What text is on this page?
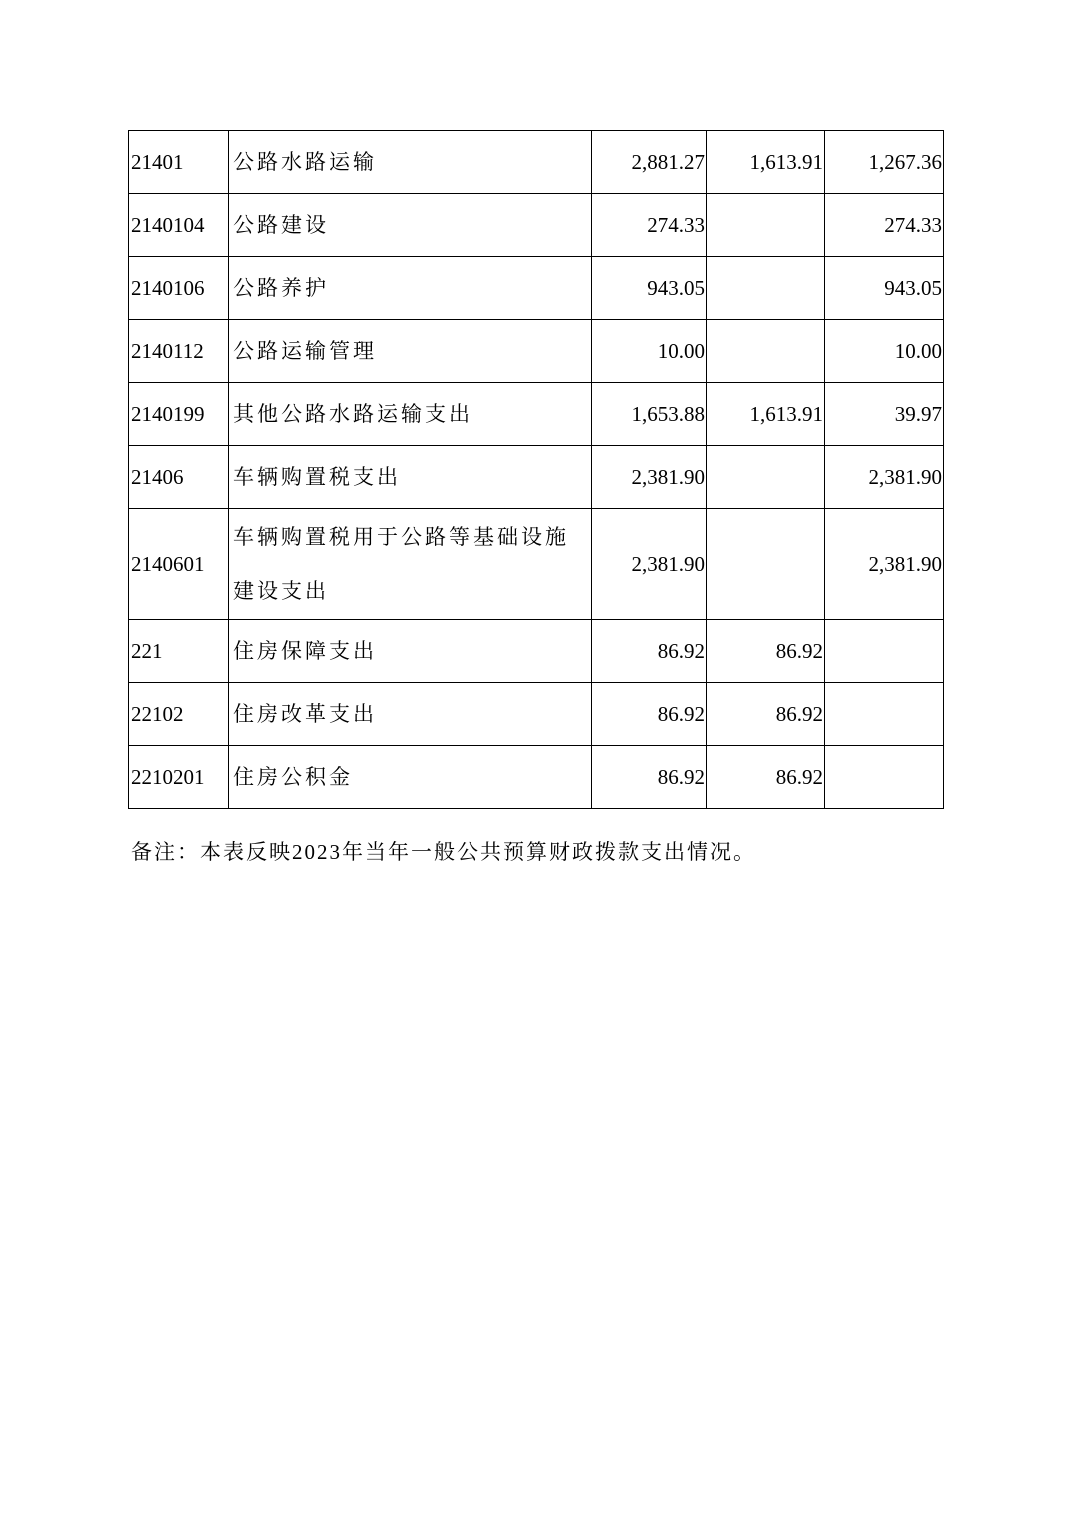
21401	公路水路运输	2,881.27	1,613.91	1,267.36
2140104	公路建设	274.33		274.33
2140106	公路养护	943.05		943.05
2140112	公路运输管理	10.00		10.00
2140199	其他公路水路运输支出	1,653.88	1,613.91	39.97
21406	车辆购置税支出	2,381.90		2,381.90
2140601	车辆购置税用于公路等基础设施建设支出	2,381.90		2,381.90
221	住房保障支出	86.92	86.92	
22102	住房改革支出	86.92	86.92	
2210201	住房公积金	86.92	86.92	
备注：本表反映2023年当年一般公共预算财政拨款支出情况。
